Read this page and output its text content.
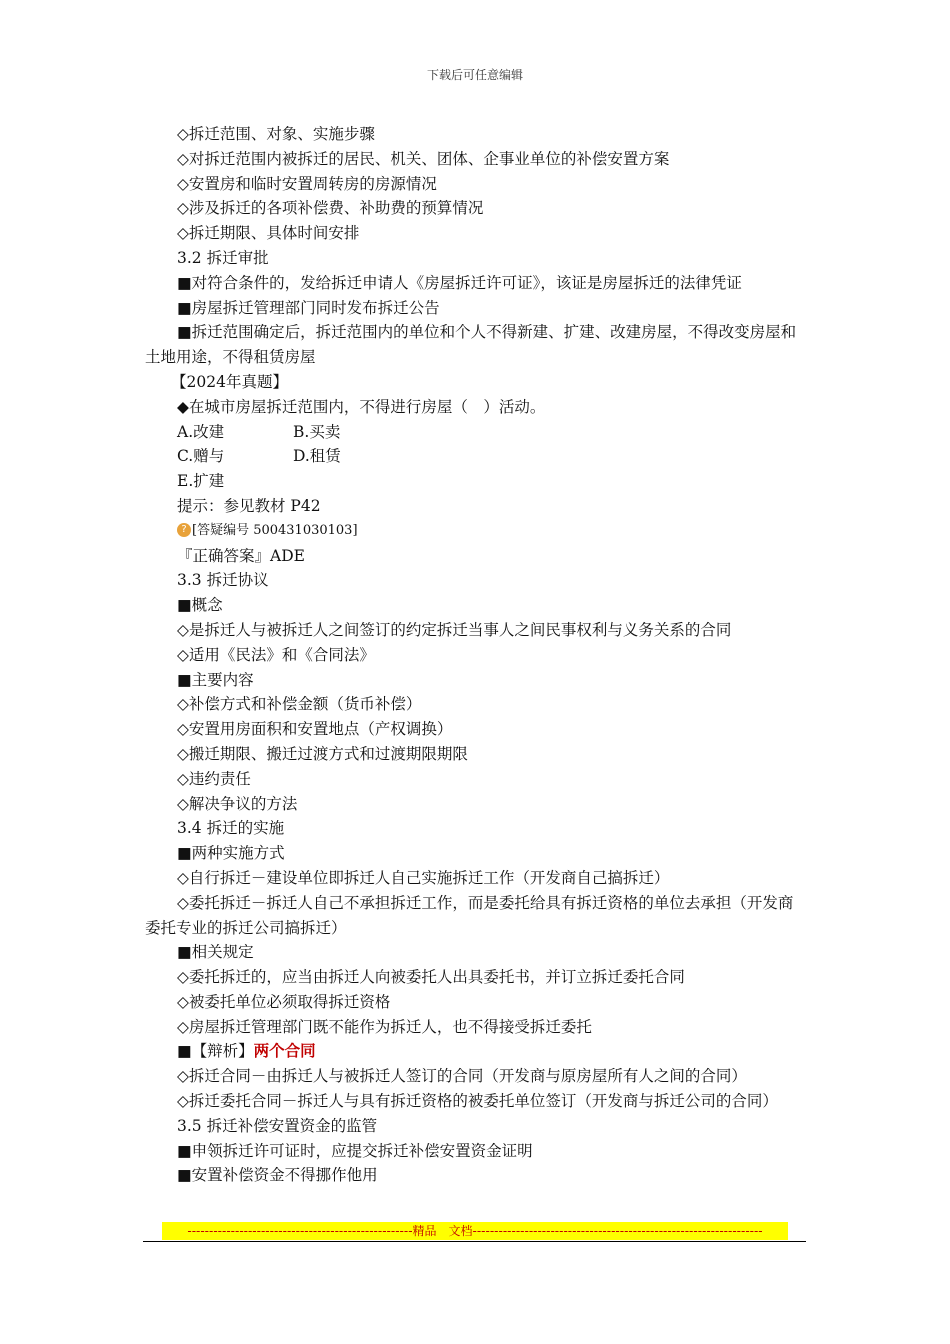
下载后可任意编辑
◇拆迁范围、对象、实施步骤
◇对拆迁范围内被拆迁的居民、机关、团体、企事业单位的补偿安置方案
◇安置房和临时安置周转房的房源情况
◇涉及拆迁的各项补偿费、补助费的预算情况
◇拆迁期限、具体时间安排
3.2 拆迁审批
■对符合条件的，发给拆迁申请人《房屋拆迁许可证》，该证是房屋拆迁的法律凭证
■房屋拆迁管理部门同时发布拆迁公告
■拆迁范围确定后，拆迁范围内的单位和个人不得新建、扩建、改建房屋，不得改变房屋和土地用途，不得租赁房屋
【2024年真题】
◆在城市房屋拆迁范围内，不得进行房屋（　）活动。
A.改建	B.买卖
C.赠与	D.租赁
E.扩建
提示：参见教材 P42
? [答疑编号 500431030103]
『正确答案』ADE
3.3 拆迁协议
■概念
◇是拆迁人与被拆迁人之间签订的约定拆迁当事人之间民事权利与义务关系的合同
◇适用《民法》和《合同法》
■主要内容
◇补偿方式和补偿金额（货币补偿）
◇安置用房面积和安置地点（产权调换）
◇搬迁期限、搬迁过渡方式和过渡期限期限
◇违约责任
◇解决争议的方法
3.4 拆迁的实施
■两种实施方式
◇自行拆迁－建设单位即拆迁人自己实施拆迁工作（开发商自己搞拆迁）
◇委托拆迁－拆迁人自己不承担拆迁工作，而是委托给具有拆迁资格的单位去承担（开发商委托专业的拆迁公司搞拆迁）
■相关规定
◇委托拆迁的，应当由拆迁人向被委托人出具委托书，并订立拆迁委托合同
◇被委托单位必须取得拆迁资格
◇房屋拆迁管理部门既不能作为拆迁人，也不得接受拆迁委托
■【辩析】两个合同
◇拆迁合同－由拆迁人与被拆迁人签订的合同（开发商与原房屋所有人之间的合同）
◇拆迁委托合同－拆迁人与具有拆迁资格的被委托单位签订（开发商与拆迁公司的合同）
3.5 拆迁补偿安置资金的监管
■申领拆迁许可证时，应提交拆迁补偿安置资金证明
■安置补偿资金不得挪作他用
----------------------------------------------------精品　文档-------------------------------------------------------------------
